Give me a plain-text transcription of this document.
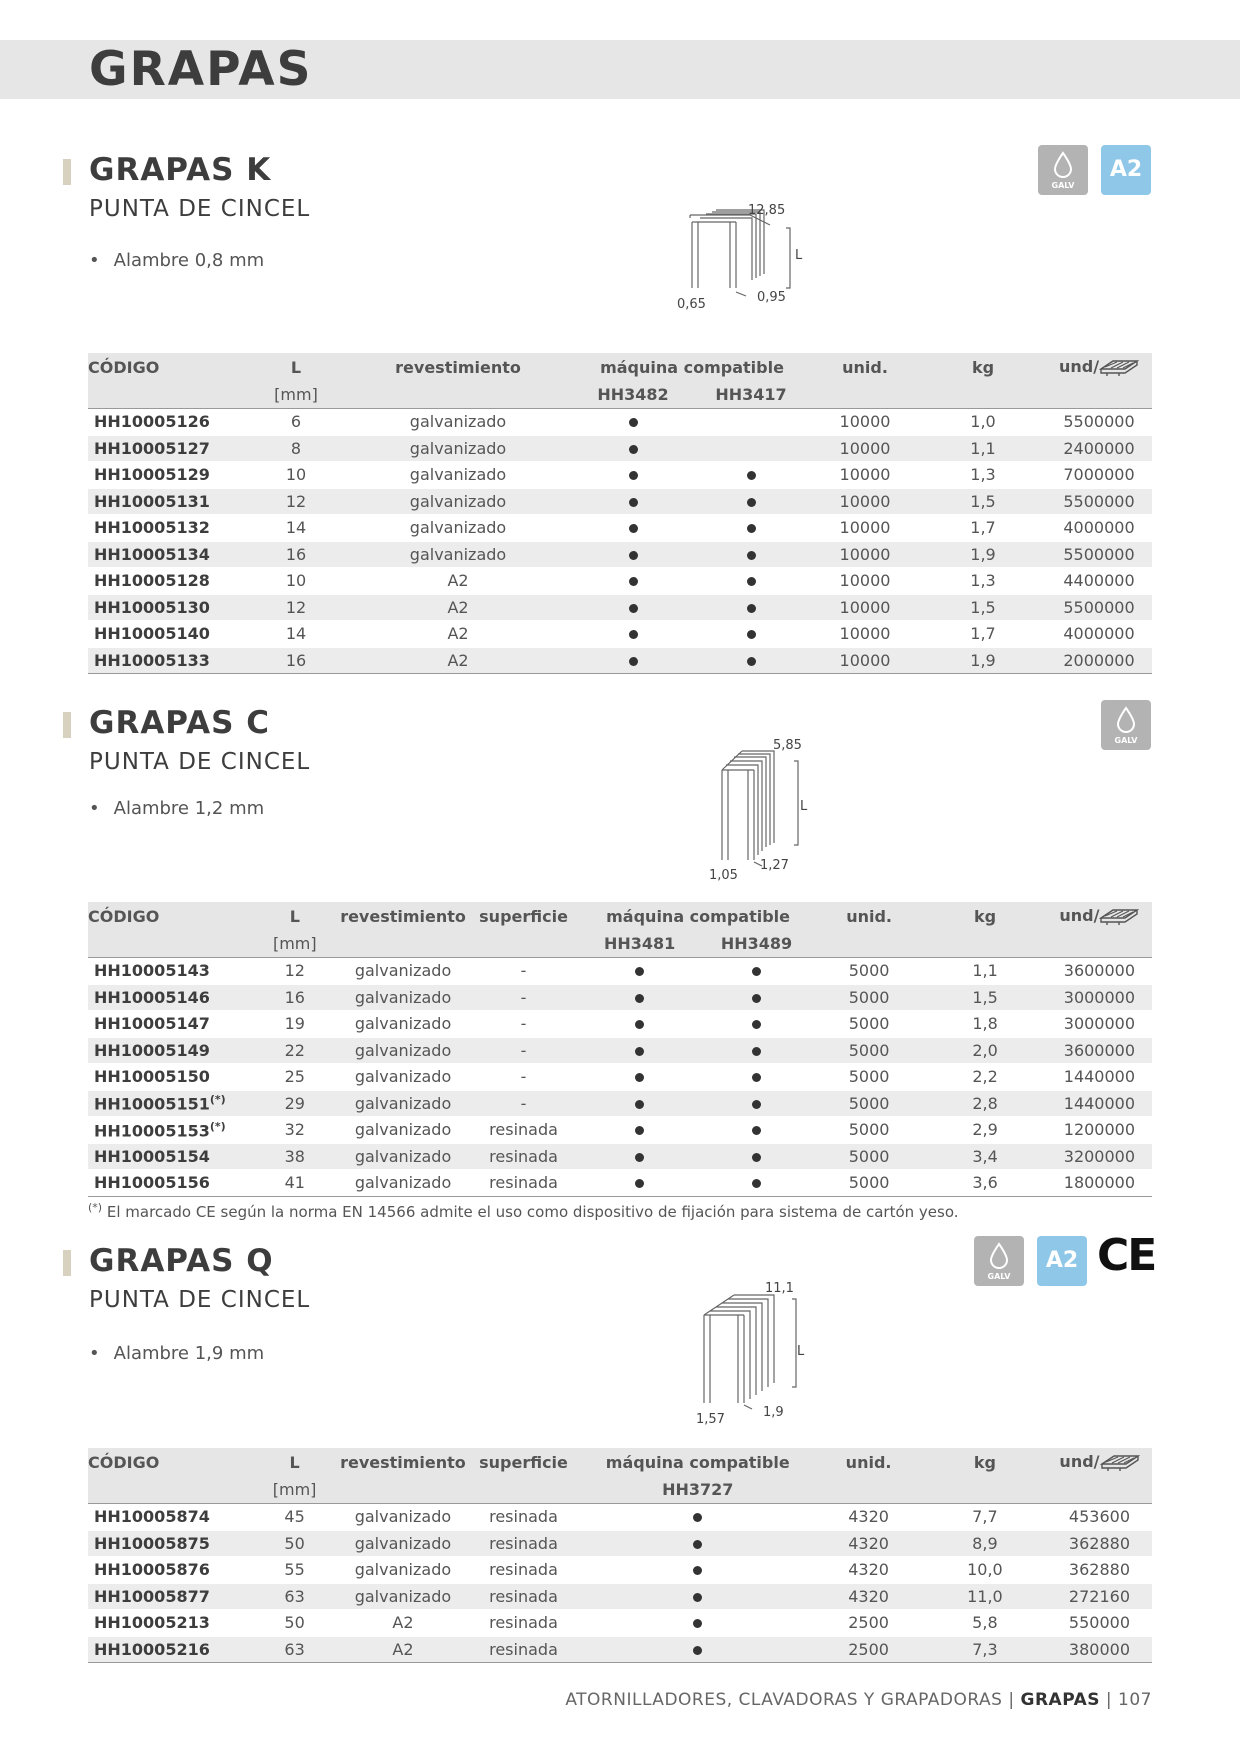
GRAPAS
GRAPAS K
PUNTA DE CINCEL
• Alambre 0,8 mm
GALV
A2
12,85
L
0,65	0,95
CÓDIGO	L	revestimiento	máquina compatible		unid.	kg	und/
	[mm]		HH3482	HH3417			
HH10005126	6	galvanizado			10000	1,0	5500000
HH10005127	8	galvanizado			10000	1,1	2400000
HH10005129	10	galvanizado			10000	1,3	7000000
HH10005131	12	galvanizado			10000	1,5	5500000
HH10005132	14	galvanizado			10000	1,7	4000000
HH10005134	16	galvanizado			10000	1,9	5500000
HH10005128	10	A2			10000	1,3	4400000
HH10005130	12	A2			10000	1,5	5500000
HH10005140	14	A2			10000	1,7	4000000
HH10005133	16	A2			10000	1,9	2000000
GRAPAS C
PUNTA DE CINCEL
• Alambre 1,2 mm
GALV
5,85
L
1,05
1,27
CÓDIGO	L	revestimiento	superficie	máquina compatible		unid.	kg	und/
	[mm]			HH3481	HH3489			
HH10005143	12	galvanizado	-			5000	1,1	3600000
HH10005146	16	galvanizado	-			5000	1,5	3000000
HH10005147	19	galvanizado	-			5000	1,8	3000000
HH10005149	22	galvanizado	-			5000	2,0	3600000
HH10005150	25	galvanizado	-			5000	2,2	1440000
HH10005151(*)	29	galvanizado	-			5000	2,8	1440000
HH10005153(*)	32	galvanizado	resinada			5000	2,9	1200000
HH10005154	38	galvanizado	resinada			5000	3,4	3200000
HH10005156	41	galvanizado	resinada			5000	3,6	1800000
(*) El marcado CE según la norma EN 14566 admite el uso como dispositivo de fijación para sistema de cartón yeso.
GRAPAS Q
PUNTA DE CINCEL
• Alambre 1,9 mm
GALV
A2 CE
11,1
L
1,57	1,9
CÓDIGO	L	revestimiento	superficie	máquina compatible	unid.	kg	und/
	[mm]			HH3727			
HH10005874	45	galvanizado	resinada		4320	7,7	453600
HH10005875	50	galvanizado	resinada		4320	8,9	362880
HH10005876	55	galvanizado	resinada		4320	10,0	362880
HH10005877	63	galvanizado	resinada		4320	11,0	272160
HH10005213	50	A2	resinada		2500	5,8	550000
HH10005216	63	A2	resinada		2500	7,3	380000
ATORNILLADORES, CLAVADORAS Y GRAPADORAS | GRAPAS | 107
